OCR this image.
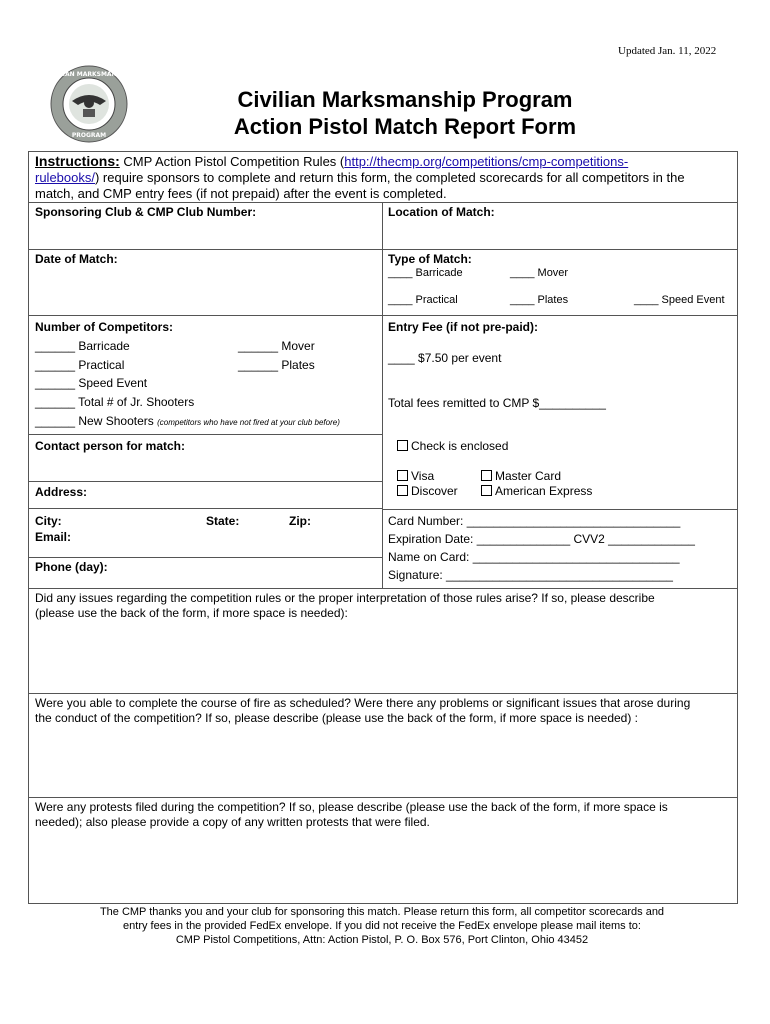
Updated Jan. 11, 2022
CIVILIAN MARKSMANSHIP
PROGRAM
Civilian Marksmanship Program
Action Pistol Match Report Form
Instructions: CMP Action Pistol Competition Rules (http://thecmp.org/competitions/cmp-competitions-
rulebooks/) require sponsors to complete and return this form, the completed scorecards for all competitors in the
match, and CMP entry fees (if not prepaid) after the event is completed.
Sponsoring Club & CMP Club Number:	Location of Match:
Date of Match:	Type of Match:
____ Barricade	____ Mover
____ Practical	____ Plates	____ Speed Event
Number of Competitors:
______ Barricade	______ Mover
______ Practical	______ Plates
______ Speed Event
______ Total # of Jr. Shooters
______ New Shooters (competitors who have not fired at your club before)
Entry Fee (if not pre-paid):
____ $7.50 per event
Total fees remitted to CMP $__________
Contact person for match:	Check is enclosed
Visa	Master Card
Discover	American Express
Address:
City:	State:	Zip:
Email:
Phone (day):
Card Number: ________________________________
Expiration Date: ______________ CVV2 _____________
Name on Card: _______________________________
Signature: __________________________________
Did any issues regarding the competition rules or the proper interpretation of those rules arise? If so, please describe
(please use the back of the form, if more space is needed):
Were you able to complete the course of fire as scheduled? Were there any problems or significant issues that arose during
the conduct of the competition? If so, please describe (please use the back of the form, if more space is needed) :
Were any protests filed during the competition? If so, please describe (please use the back of the form, if more space is
needed); also please provide a copy of any written protests that were filed.
The CMP thanks you and your club for sponsoring this match. Please return this form, all competitor scorecards and
entry fees in the provided FedEx envelope. If you did not receive the FedEx envelope please mail items to:
CMP Pistol Competitions, Attn: Action Pistol, P. O. Box 576, Port Clinton, Ohio 43452
